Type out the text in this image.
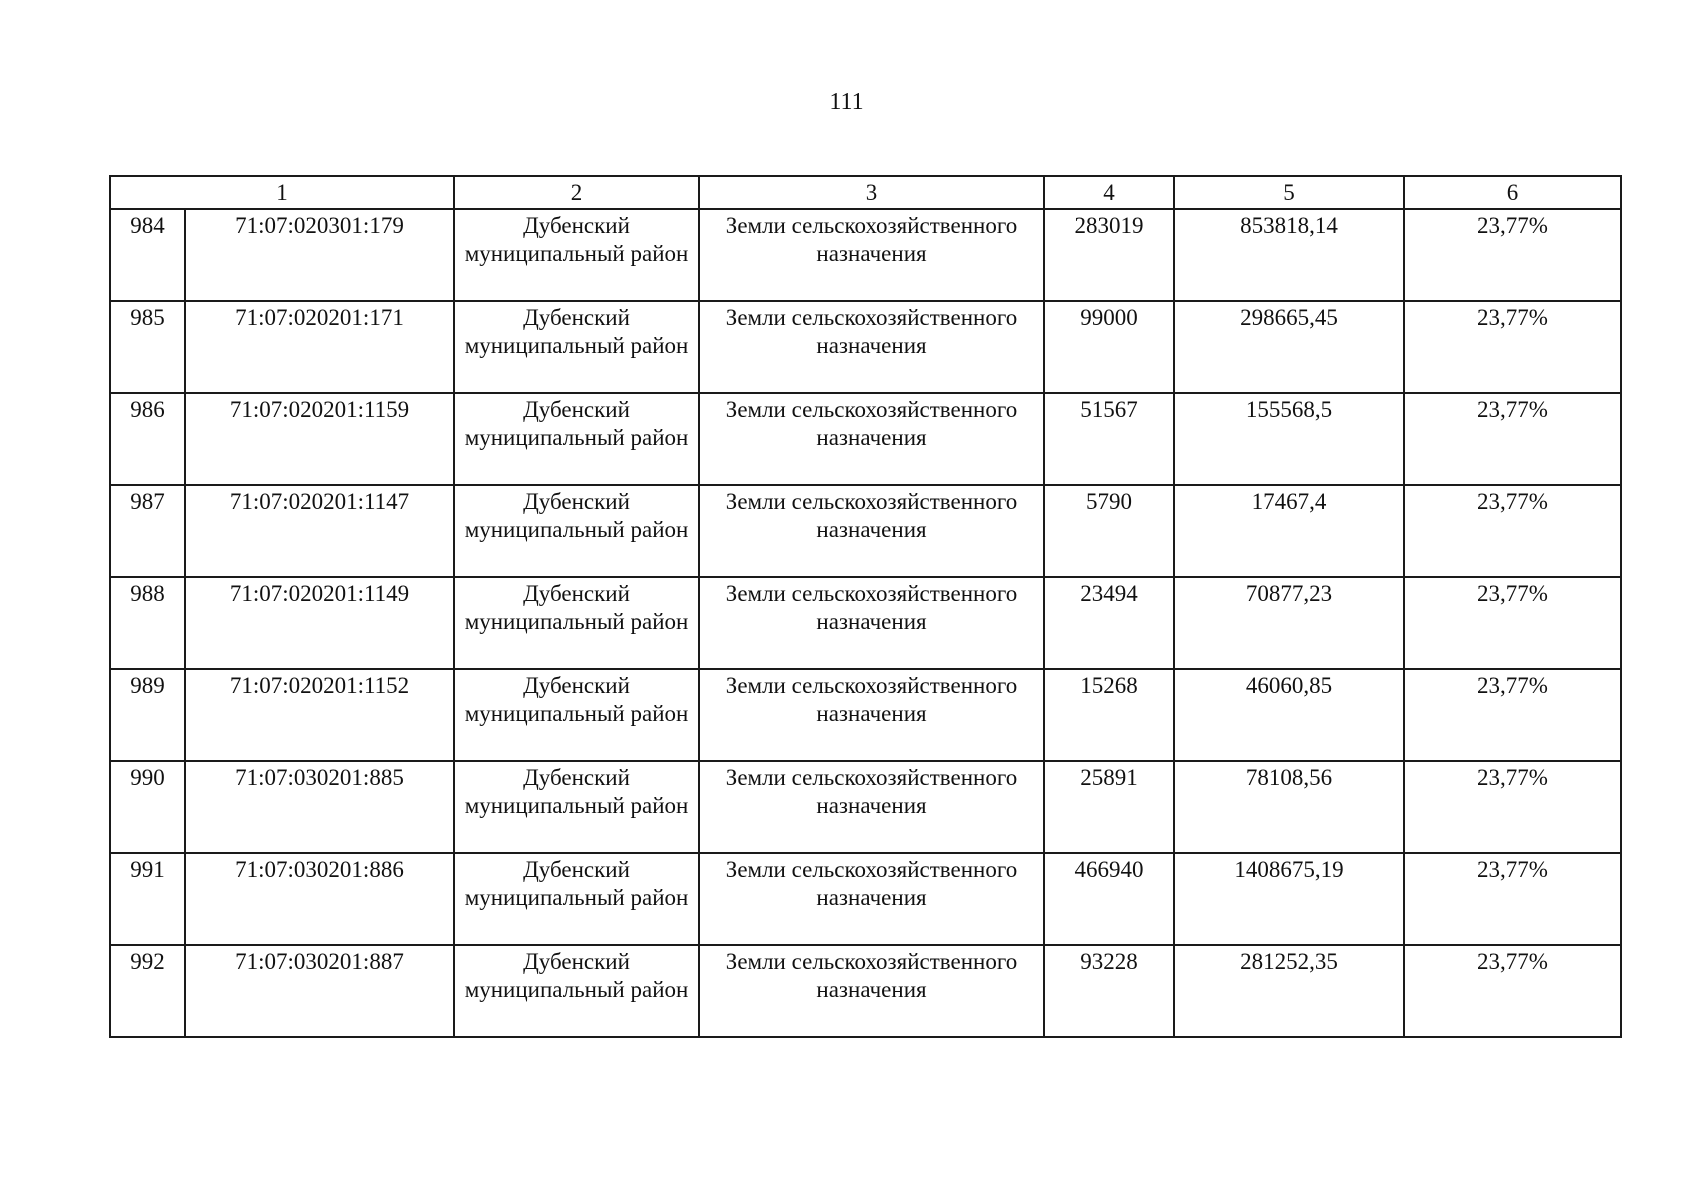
111
1		2	3	4	5	6
984	71:07:020301:179	Дубенский муниципальный район	Земли сельскохозяйственного назначения	283019	853818,14	23,77%
985	71:07:020201:171	Дубенский муниципальный район	Земли сельскохозяйственного назначения	99000	298665,45	23,77%
986	71:07:020201:1159	Дубенский муниципальный район	Земли сельскохозяйственного назначения	51567	155568,5	23,77%
987	71:07:020201:1147	Дубенский муниципальный район	Земли сельскохозяйственного назначения	5790	17467,4	23,77%
988	71:07:020201:1149	Дубенский муниципальный район	Земли сельскохозяйственного назначения	23494	70877,23	23,77%
989	71:07:020201:1152	Дубенский муниципальный район	Земли сельскохозяйственного назначения	15268	46060,85	23,77%
990	71:07:030201:885	Дубенский муниципальный район	Земли сельскохозяйственного назначения	25891	78108,56	23,77%
991	71:07:030201:886	Дубенский муниципальный район	Земли сельскохозяйственного назначения	466940	1408675,19	23,77%
992	71:07:030201:887	Дубенский муниципальный район	Земли сельскохозяйственного назначения	93228	281252,35	23,77%
